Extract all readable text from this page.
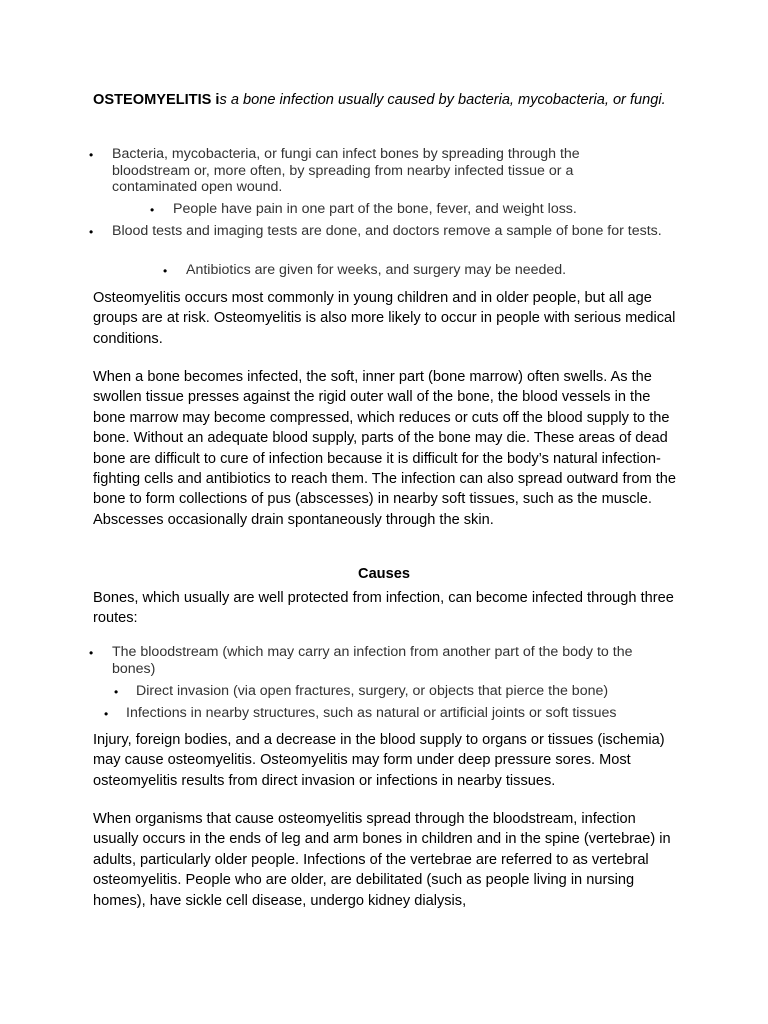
OSTEOMYELITIS is a bone infection usually caused by bacteria, mycobacteria, or fungi.

• Bacteria, mycobacteria, or fungi can infect bones by spreading through the bloodstream or, more often, by spreading from nearby infected tissue or a contaminated open wound.
• People have pain in one part of the bone, fever, and weight loss.
• Blood tests and imaging tests are done, and doctors remove a sample of bone for tests.
• Antibiotics are given for weeks, and surgery may be needed.

Osteomyelitis occurs most commonly in young children and in older people, but all age groups are at risk. Osteomyelitis is also more likely to occur in people with serious medical conditions.

When a bone becomes infected, the soft, inner part (bone marrow) often swells. As the swollen tissue presses against the rigid outer wall of the bone, the blood vessels in the bone marrow may become compressed, which reduces or cuts off the blood supply to the bone. Without an adequate blood supply, parts of the bone may die. These areas of dead bone are difficult to cure of infection because it is difficult for the body’s natural infection-fighting cells and antibiotics to reach them. The infection can also spread outward from the bone to form collections of pus (abscesses) in nearby soft tissues, such as the muscle. Abscesses occasionally drain spontaneously through the skin.

Causes

Bones, which usually are well protected from infection, can become infected through three routes:

• The bloodstream (which may carry an infection from another part of the body to the bones)
• Direct invasion (via open fractures, surgery, or objects that pierce the bone)
• Infections in nearby structures, such as natural or artificial joints or soft tissues

Injury, foreign bodies, and a decrease in the blood supply to organs or tissues (ischemia) may cause osteomyelitis. Osteomyelitis may form under deep pressure sores. Most osteomyelitis results from direct invasion or infections in nearby tissues.

When organisms that cause osteomyelitis spread through the bloodstream, infection usually occurs in the ends of leg and arm bones in children and in the spine (vertebrae) in adults, particularly older people. Infections of the vertebrae are referred to as vertebral osteomyelitis. People who are older, are debilitated (such as people living in nursing homes), have sickle cell disease, undergo kidney dialysis,
